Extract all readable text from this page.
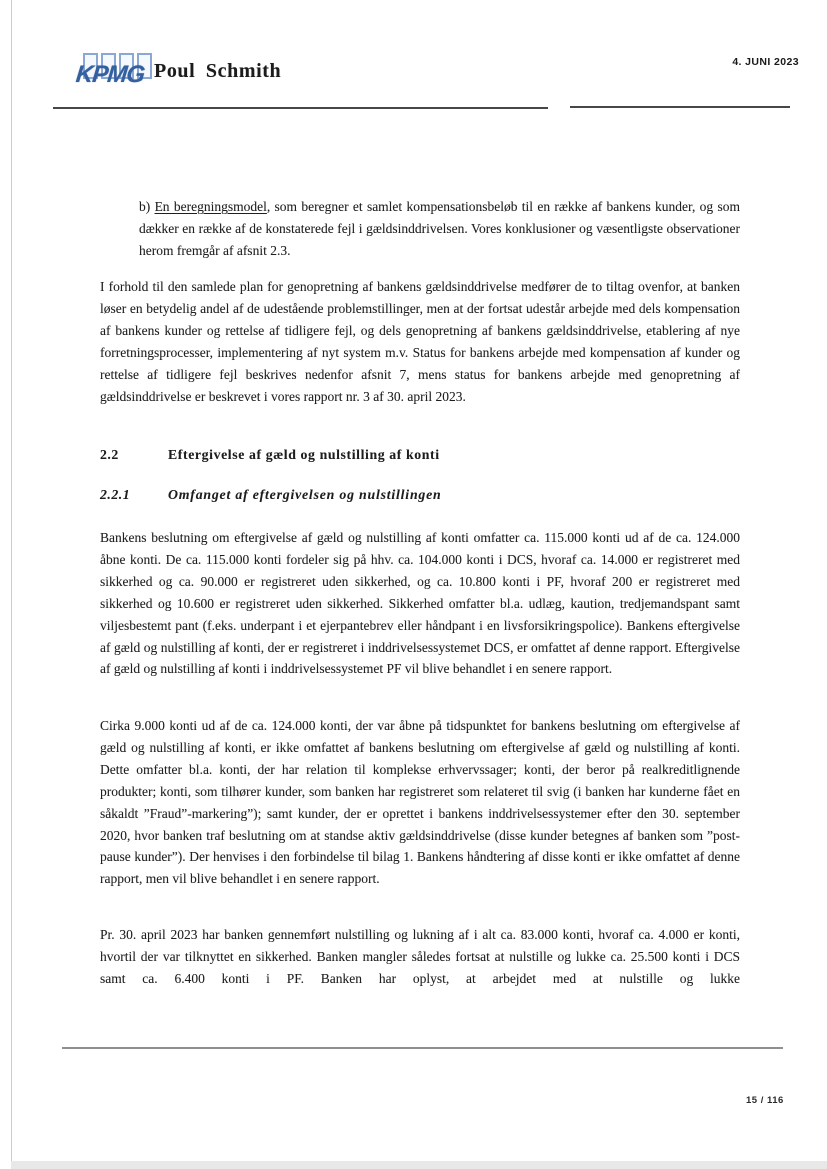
KPMG Poul Schmith	4. JUNI 2023
b) En beregningsmodel, som beregner et samlet kompensationsbeløb til en række af bankens kunder, og som dækker en række af de konstaterede fejl i gældsinddrivelsen. Vores konklusioner og væsentligste observationer herom fremgår af afsnit 2.3.
I forhold til den samlede plan for genopretning af bankens gældsinddrivelse medfører de to tiltag ovenfor, at banken løser en betydelig andel af de udestående problemstillinger, men at der fortsat udestår arbejde med dels kompensation af bankens kunder og rettelse af tidligere fejl, og dels genopretning af bankens gældsinddrivelse, etablering af nye forretningsprocesser, implementering af nyt system m.v. Status for bankens arbejde med kompensation af kunder og rettelse af tidligere fejl beskrives nedenfor afsnit 7, mens status for bankens arbejde med genopretning af gældsinddrivelse er beskrevet i vores rapport nr. 3 af 30. april 2023.
2.2	Eftergivelse af gæld og nulstilling af konti
2.2.1	Omfanget af eftergivelsen og nulstillingen
Bankens beslutning om eftergivelse af gæld og nulstilling af konti omfatter ca. 115.000 konti ud af de ca. 124.000 åbne konti. De ca. 115.000 konti fordeler sig på hhv. ca. 104.000 konti i DCS, hvoraf ca. 14.000 er registreret med sikkerhed og ca. 90.000 er registreret uden sikkerhed, og ca. 10.800 konti i PF, hvoraf 200 er registreret med sikkerhed og 10.600 er registreret uden sikkerhed. Sikkerhed omfatter bl.a. udlæg, kaution, tredjemandspant samt viljesbestemt pant (f.eks. underpant i et ejerpantebrev eller håndpant i en livsforsikringspolice). Bankens eftergivelse af gæld og nulstilling af konti, der er registreret i inddrivelsessystemet DCS, er omfattet af denne rapport. Eftergivelse af gæld og nulstilling af konti i inddrivelsessystemet PF vil blive behandlet i en senere rapport.
Cirka 9.000 konti ud af de ca. 124.000 konti, der var åbne på tidspunktet for bankens beslutning om eftergivelse af gæld og nulstilling af konti, er ikke omfattet af bankens beslutning om eftergivelse af gæld og nulstilling af konti. Dette omfatter bl.a. konti, der har relation til komplekse erhvervssager; konti, der beror på realkreditlignende produkter; konti, som tilhører kunder, som banken har registreret som relateret til svig (i banken har kunderne fået en såkaldt ”Fraud”-markering”); samt kunder, der er oprettet i bankens inddrivelsessystemer efter den 30. september 2020, hvor banken traf beslutning om at standse aktiv gældsinddrivelse (disse kunder betegnes af banken som ”post-pause kunder”). Der henvises i den forbindelse til bilag 1. Bankens håndtering af disse konti er ikke omfattet af denne rapport, men vil blive behandlet i en senere rapport.
Pr. 30. april 2023 har banken gennemført nulstilling og lukning af i alt ca. 83.000 konti, hvoraf ca. 4.000 er konti, hvortil der var tilknyttet en sikkerhed. Banken mangler således fortsat at nulstille og lukke ca. 25.500 konti i DCS samt ca. 6.400 konti i PF. Banken har oplyst, at arbejdet med at nulstille og lukke
15 / 116
